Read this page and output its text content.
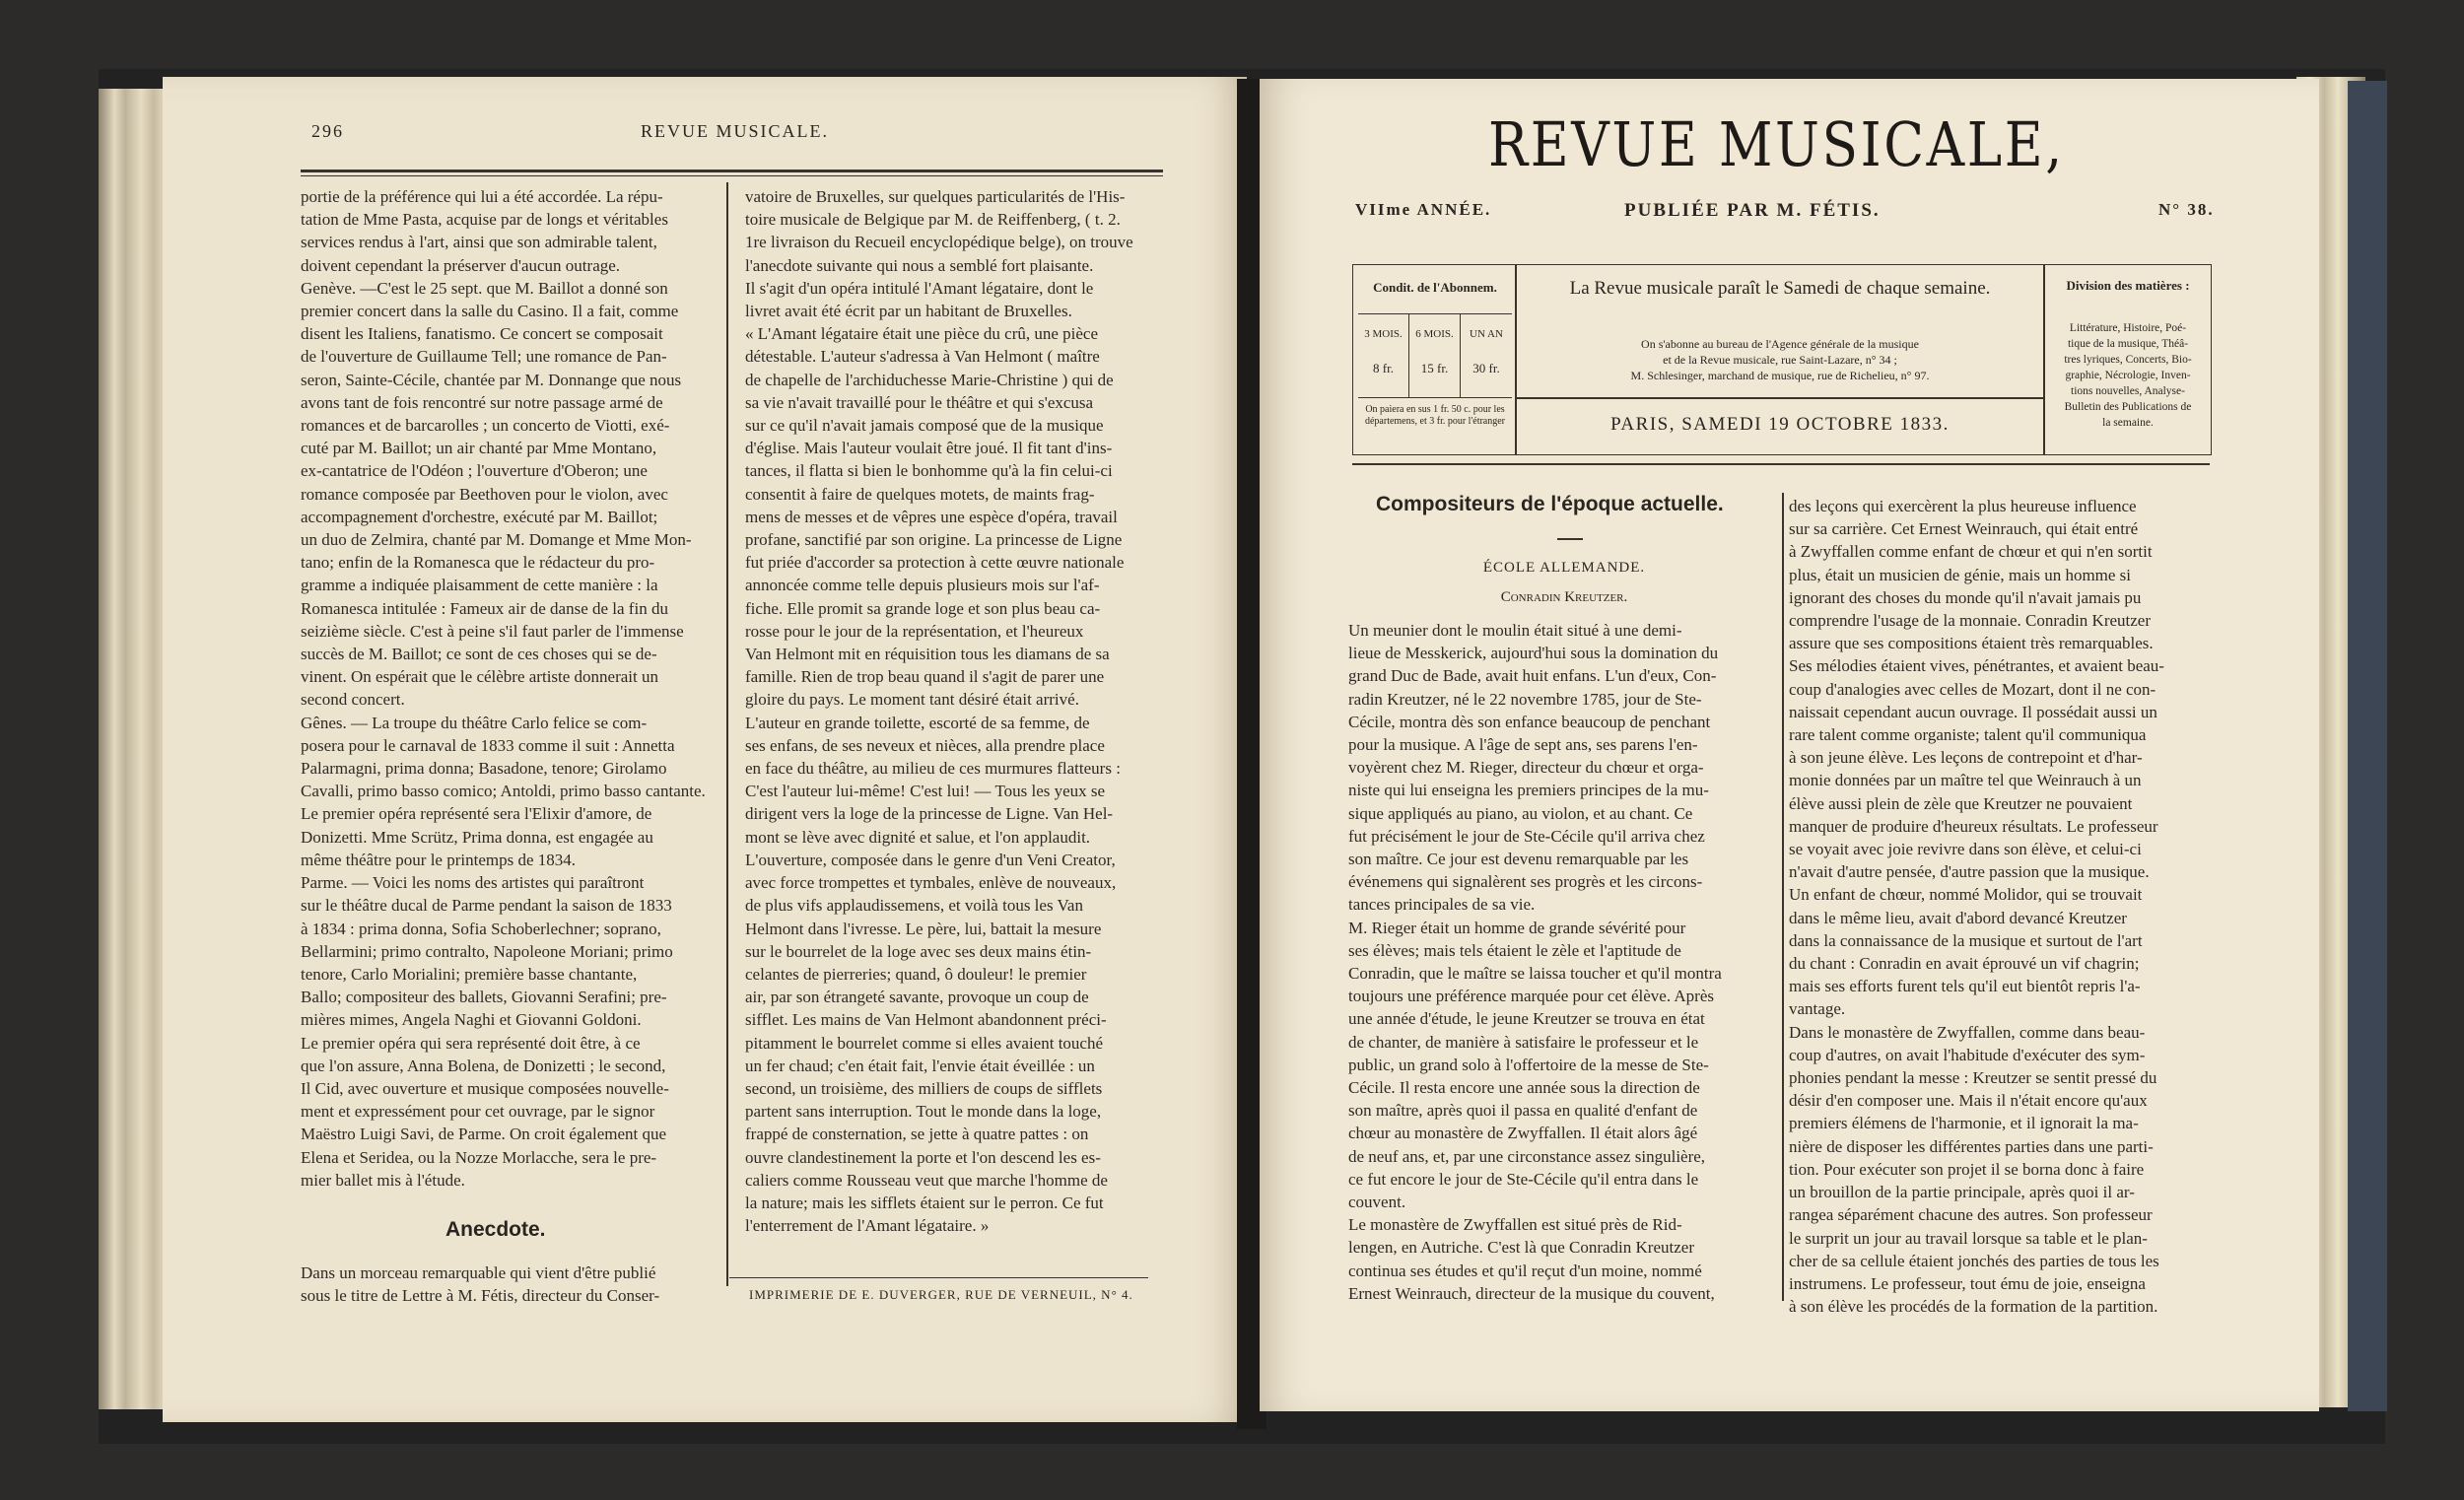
296	REVUE MUSICALE.
portie de la préférence qui lui a été accordée. La répu-
tation de Mme Pasta, acquise par de longs et véritables
services rendus à l'art, ainsi que son admirable talent,
doivent cependant la préserver d'aucun outrage.
Genève. —C'est le 25 sept. que M. Baillot a donné son
premier concert dans la salle du Casino. Il a fait, comme
disent les Italiens, fanatismo. Ce concert se composait
de l'ouverture de Guillaume Tell; une romance de Pan-
seron, Sainte-Cécile, chantée par M. Donnange que nous
avons tant de fois rencontré sur notre passage armé de
romances et de barcarolles ; un concerto de Viotti, exé-
cuté par M. Baillot; un air chanté par Mme Montano,
ex-cantatrice de l'Odéon ; l'ouverture d'Oberon; une
romance composée par Beethoven pour le violon, avec
accompagnement d'orchestre, exécuté par M. Baillot;
un duo de Zelmira, chanté par M. Domange et Mme Mon-
tano; enfin de la Romanesca que le rédacteur du pro-
gramme a indiquée plaisamment de cette manière : la
Romanesca intitulée : Fameux air de danse de la fin du
seizième siècle. C'est à peine s'il faut parler de l'immense
succès de M. Baillot; ce sont de ces choses qui se de-
vinent. On espérait que le célèbre artiste donnerait un
second concert.
Gênes. — La troupe du théâtre Carlo felice se com-
posera pour le carnaval de 1833 comme il suit : Annetta
Palarmagni, prima donna; Basadone, tenore; Girolamo
Cavalli, primo basso comico; Antoldi, primo basso cantante.
Le premier opéra représenté sera l'Elixir d'amore, de
Donizetti. Mme Scrütz, Prima donna, est engagée au
même théâtre pour le printemps de 1834.
Parme. — Voici les noms des artistes qui paraîtront
sur le théâtre ducal de Parme pendant la saison de 1833
à 1834 : prima donna, Sofia Schoberlechner; soprano,
Bellarmini; primo contralto, Napoleone Moriani; primo
tenore, Carlo Morialini; première basse chantante,
Ballo; compositeur des ballets, Giovanni Serafini; pre-
mières mimes, Angela Naghi et Giovanni Goldoni.
Le premier opéra qui sera représenté doit être, à ce
que l'on assure, Anna Bolena, de Donizetti ; le second,
Il Cid, avec ouverture et musique composées nouvelle-
ment et expressément pour cet ouvrage, par le signor
Maëstro Luigi Savi, de Parme. On croit également que
Elena et Seridea, ou la Nozze Morlacche, sera le pre-
mier ballet mis à l'étude.
Anecdote.
Dans un morceau remarquable qui vient d'être publié
sous le titre de Lettre à M. Fétis, directeur du Conser-
vatoire de Bruxelles, sur quelques particularités de l'His-
toire musicale de Belgique par M. de Reiffenberg, ( t. 2.
1re livraison du Recueil encyclopédique belge), on trouve
l'anecdote suivante qui nous a semblé fort plaisante.
Il s'agit d'un opéra intitulé l'Amant légataire, dont le
livret avait été écrit par un habitant de Bruxelles.
« L'Amant légataire était une pièce du crû, une pièce
détestable. L'auteur s'adressa à Van Helmont ( maître
de chapelle de l'archiduchesse Marie-Christine ) qui de
sa vie n'avait travaillé pour le théâtre et qui s'excusa
sur ce qu'il n'avait jamais composé que de la musique
d'église. Mais l'auteur voulait être joué. Il fit tant d'ins-
tances, il flatta si bien le bonhomme qu'à la fin celui-ci
consentit à faire de quelques motets, de maints frag-
mens de messes et de vêpres une espèce d'opéra, travail
profane, sanctifié par son origine. La princesse de Ligne
fut priée d'accorder sa protection à cette œuvre nationale
annoncée comme telle depuis plusieurs mois sur l'af-
fiche. Elle promit sa grande loge et son plus beau ca-
rosse pour le jour de la représentation, et l'heureux
Van Helmont mit en réquisition tous les diamans de sa
famille. Rien de trop beau quand il s'agit de parer une
gloire du pays. Le moment tant désiré était arrivé.
L'auteur en grande toilette, escorté de sa femme, de
ses enfans, de ses neveux et nièces, alla prendre place
en face du théâtre, au milieu de ces murmures flatteurs :
C'est l'auteur lui-même! C'est lui! — Tous les yeux se
dirigent vers la loge de la princesse de Ligne. Van Hel-
mont se lève avec dignité et salue, et l'on applaudit.
L'ouverture, composée dans le genre d'un Veni Creator,
avec force trompettes et tymbales, enlève de nouveaux,
de plus vifs applaudissemens, et voilà tous les Van
Helmont dans l'ivresse. Le père, lui, battait la mesure
sur le bourrelet de la loge avec ses deux mains étin-
celantes de pierreries; quand, ô douleur! le premier
air, par son étrangeté savante, provoque un coup de
sifflet. Les mains de Van Helmont abandonnent préci-
pitamment le bourrelet comme si elles avaient touché
un fer chaud; c'en était fait, l'envie était éveillée : un
second, un troisième, des milliers de coups de sifflets
partent sans interruption. Tout le monde dans la loge,
frappé de consternation, se jette à quatre pattes : on
ouvre clandestinement la porte et l'on descend les es-
caliers comme Rousseau veut que marche l'homme de
la nature; mais les sifflets étaient sur le perron. Ce fut
l'enterrement de l'Amant légataire. »
IMPRIMERIE DE E. DUVERGER, RUE DE VERNEUIL, N° 4.
REVUE MUSICALE,
VIIme ANNÉE.	PUBLIÉE PAR M. FÉTIS.	N° 38.
Condit. de l'Abonnem.
3 MOIS.	6 MOIS.	UN AN
8 fr.	15 fr.	30 fr.
On paiera en sus 1 fr. 50 c. pour les départemens, et 3 fr. pour l'étranger
La Revue musicale paraît le Samedi de chaque semaine.
On s'abonne au bureau de l'Agence générale de la musique
et de la Revue musicale, rue Saint-Lazare, n° 34 ;
M. Schlesinger, marchand de musique, rue de Richelieu, n° 97.
PARIS, SAMEDI 19 OCTOBRE 1833.
Division des matières :
Littérature, Histoire, Poé-
tique de la musique, Théâ-
tres lyriques, Concerts, Bio-
graphie, Nécrologie, Inven-
tions nouvelles, Analyse-
Bulletin des Publications de
la semaine.
Compositeurs de l'époque actuelle.
ÉCOLE ALLEMANDE.
Conradin Kreutzer.
Un meunier dont le moulin était situé à une demi-
lieue de Messkerick, aujourd'hui sous la domination du
grand Duc de Bade, avait huit enfans. L'un d'eux, Con-
radin Kreutzer, né le 22 novembre 1785, jour de Ste-
Cécile, montra dès son enfance beaucoup de penchant
pour la musique. A l'âge de sept ans, ses parens l'en-
voyèrent chez M. Rieger, directeur du chœur et orga-
niste qui lui enseigna les premiers principes de la mu-
sique appliqués au piano, au violon, et au chant. Ce
fut précisément le jour de Ste-Cécile qu'il arriva chez
son maître. Ce jour est devenu remarquable par les
événemens qui signalèrent ses progrès et les circons-
tances principales de sa vie.
M. Rieger était un homme de grande sévérité pour
ses élèves; mais tels étaient le zèle et l'aptitude de
Conradin, que le maître se laissa toucher et qu'il montra
toujours une préférence marquée pour cet élève. Après
une année d'étude, le jeune Kreutzer se trouva en état
de chanter, de manière à satisfaire le professeur et le
public, un grand solo à l'offertoire de la messe de Ste-
Cécile. Il resta encore une année sous la direction de
son maître, après quoi il passa en qualité d'enfant de
chœur au monastère de Zwyffallen. Il était alors âgé
de neuf ans, et, par une circonstance assez singulière,
ce fut encore le jour de Ste-Cécile qu'il entra dans le
couvent.
Le monastère de Zwyffallen est situé près de Rid-
lengen, en Autriche. C'est là que Conradin Kreutzer
continua ses études et qu'il reçut d'un moine, nommé
Ernest Weinrauch, directeur de la musique du couvent,
des leçons qui exercèrent la plus heureuse influence
sur sa carrière. Cet Ernest Weinrauch, qui était entré
à Zwyffallen comme enfant de chœur et qui n'en sortit
plus, était un musicien de génie, mais un homme si
ignorant des choses du monde qu'il n'avait jamais pu
comprendre l'usage de la monnaie. Conradin Kreutzer
assure que ses compositions étaient très remarquables.
Ses mélodies étaient vives, pénétrantes, et avaient beau-
coup d'analogies avec celles de Mozart, dont il ne con-
naissait cependant aucun ouvrage. Il possédait aussi un
rare talent comme organiste; talent qu'il communiqua
à son jeune élève. Les leçons de contrepoint et d'har-
monie données par un maître tel que Weinrauch à un
élève aussi plein de zèle que Kreutzer ne pouvaient
manquer de produire d'heureux résultats. Le professeur
se voyait avec joie revivre dans son élève, et celui-ci
n'avait d'autre pensée, d'autre passion que la musique.
Un enfant de chœur, nommé Molidor, qui se trouvait
dans le même lieu, avait d'abord devancé Kreutzer
dans la connaissance de la musique et surtout de l'art
du chant : Conradin en avait éprouvé un vif chagrin;
mais ses efforts furent tels qu'il eut bientôt repris l'a-
vantage.
Dans le monastère de Zwyffallen, comme dans beau-
coup d'autres, on avait l'habitude d'exécuter des sym-
phonies pendant la messe : Kreutzer se sentit pressé du
désir d'en composer une. Mais il n'était encore qu'aux
premiers élémens de l'harmonie, et il ignorait la ma-
nière de disposer les différentes parties dans une parti-
tion. Pour exécuter son projet il se borna donc à faire
un brouillon de la partie principale, après quoi il ar-
rangea séparément chacune des autres. Son professeur
le surprit un jour au travail lorsque sa table et le plan-
cher de sa cellule étaient jonchés des parties de tous les
instrumens. Le professeur, tout ému de joie, enseigna
à son élève les procédés de la formation de la partition.
